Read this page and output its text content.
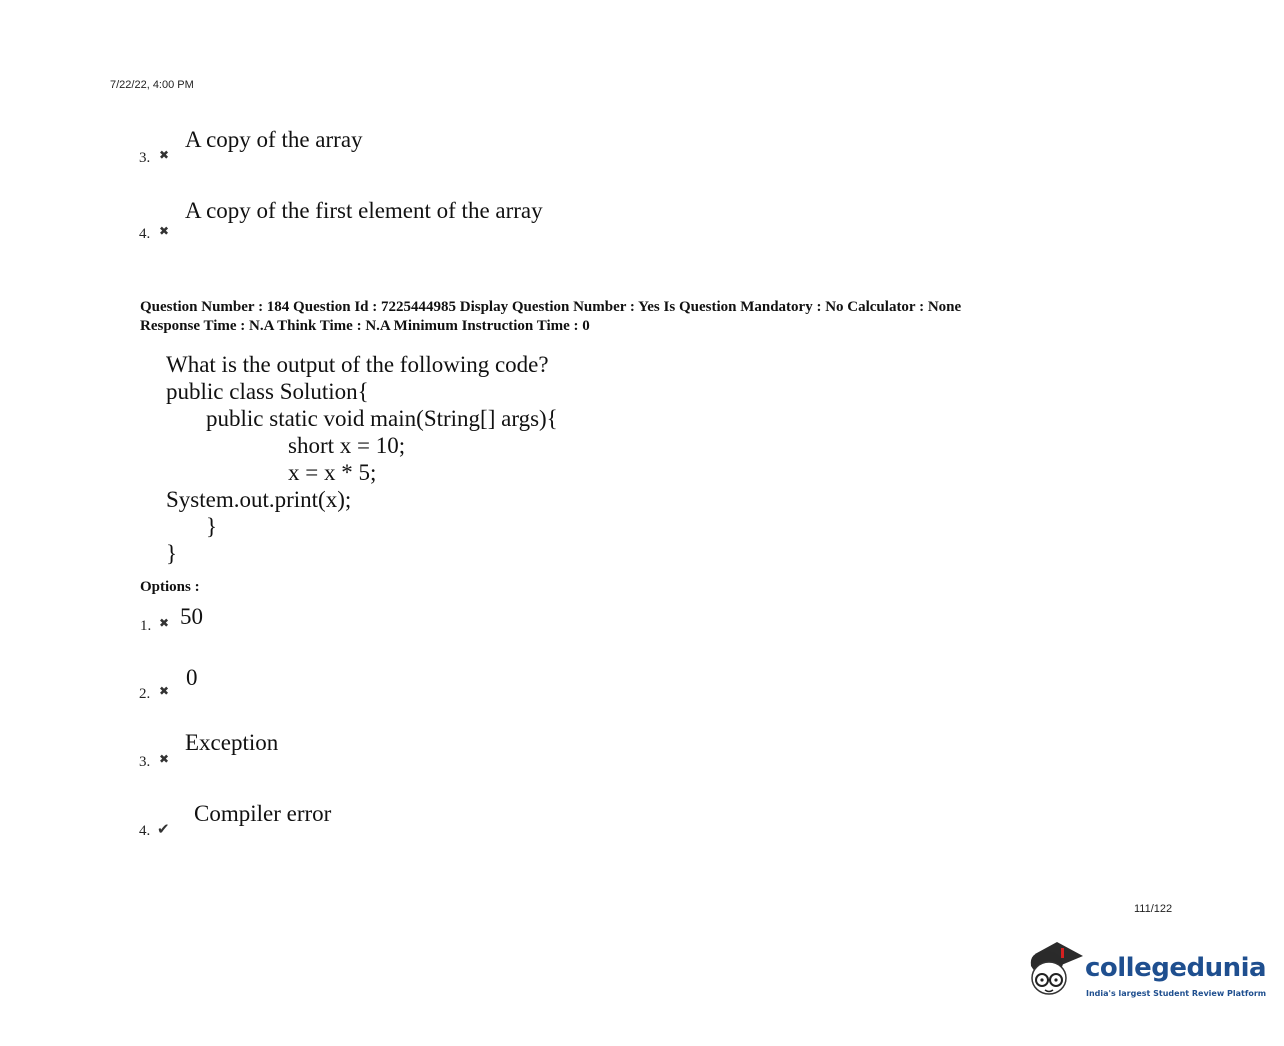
7/22/22, 4:00 PM
3. ✖
A copy of the array
4. ✖
A copy of the first element of the array
Question Number : 184 Question Id : 7225444985 Display Question Number : Yes Is Question Mandatory : No Calculator : None
Response Time : N.A Think Time : N.A Minimum Instruction Time : 0
What is the output of the following code?
public class Solution{
public static void main(String[] args){
short x = 10;
x = x * 5;
System.out.print(x);
}
}
Options :
1. ✖ 50
2. ✖
0
3. ✖
Exception
4. ✔
Compiler error
111/122
collegedunia
India's largest Student Review Platform
